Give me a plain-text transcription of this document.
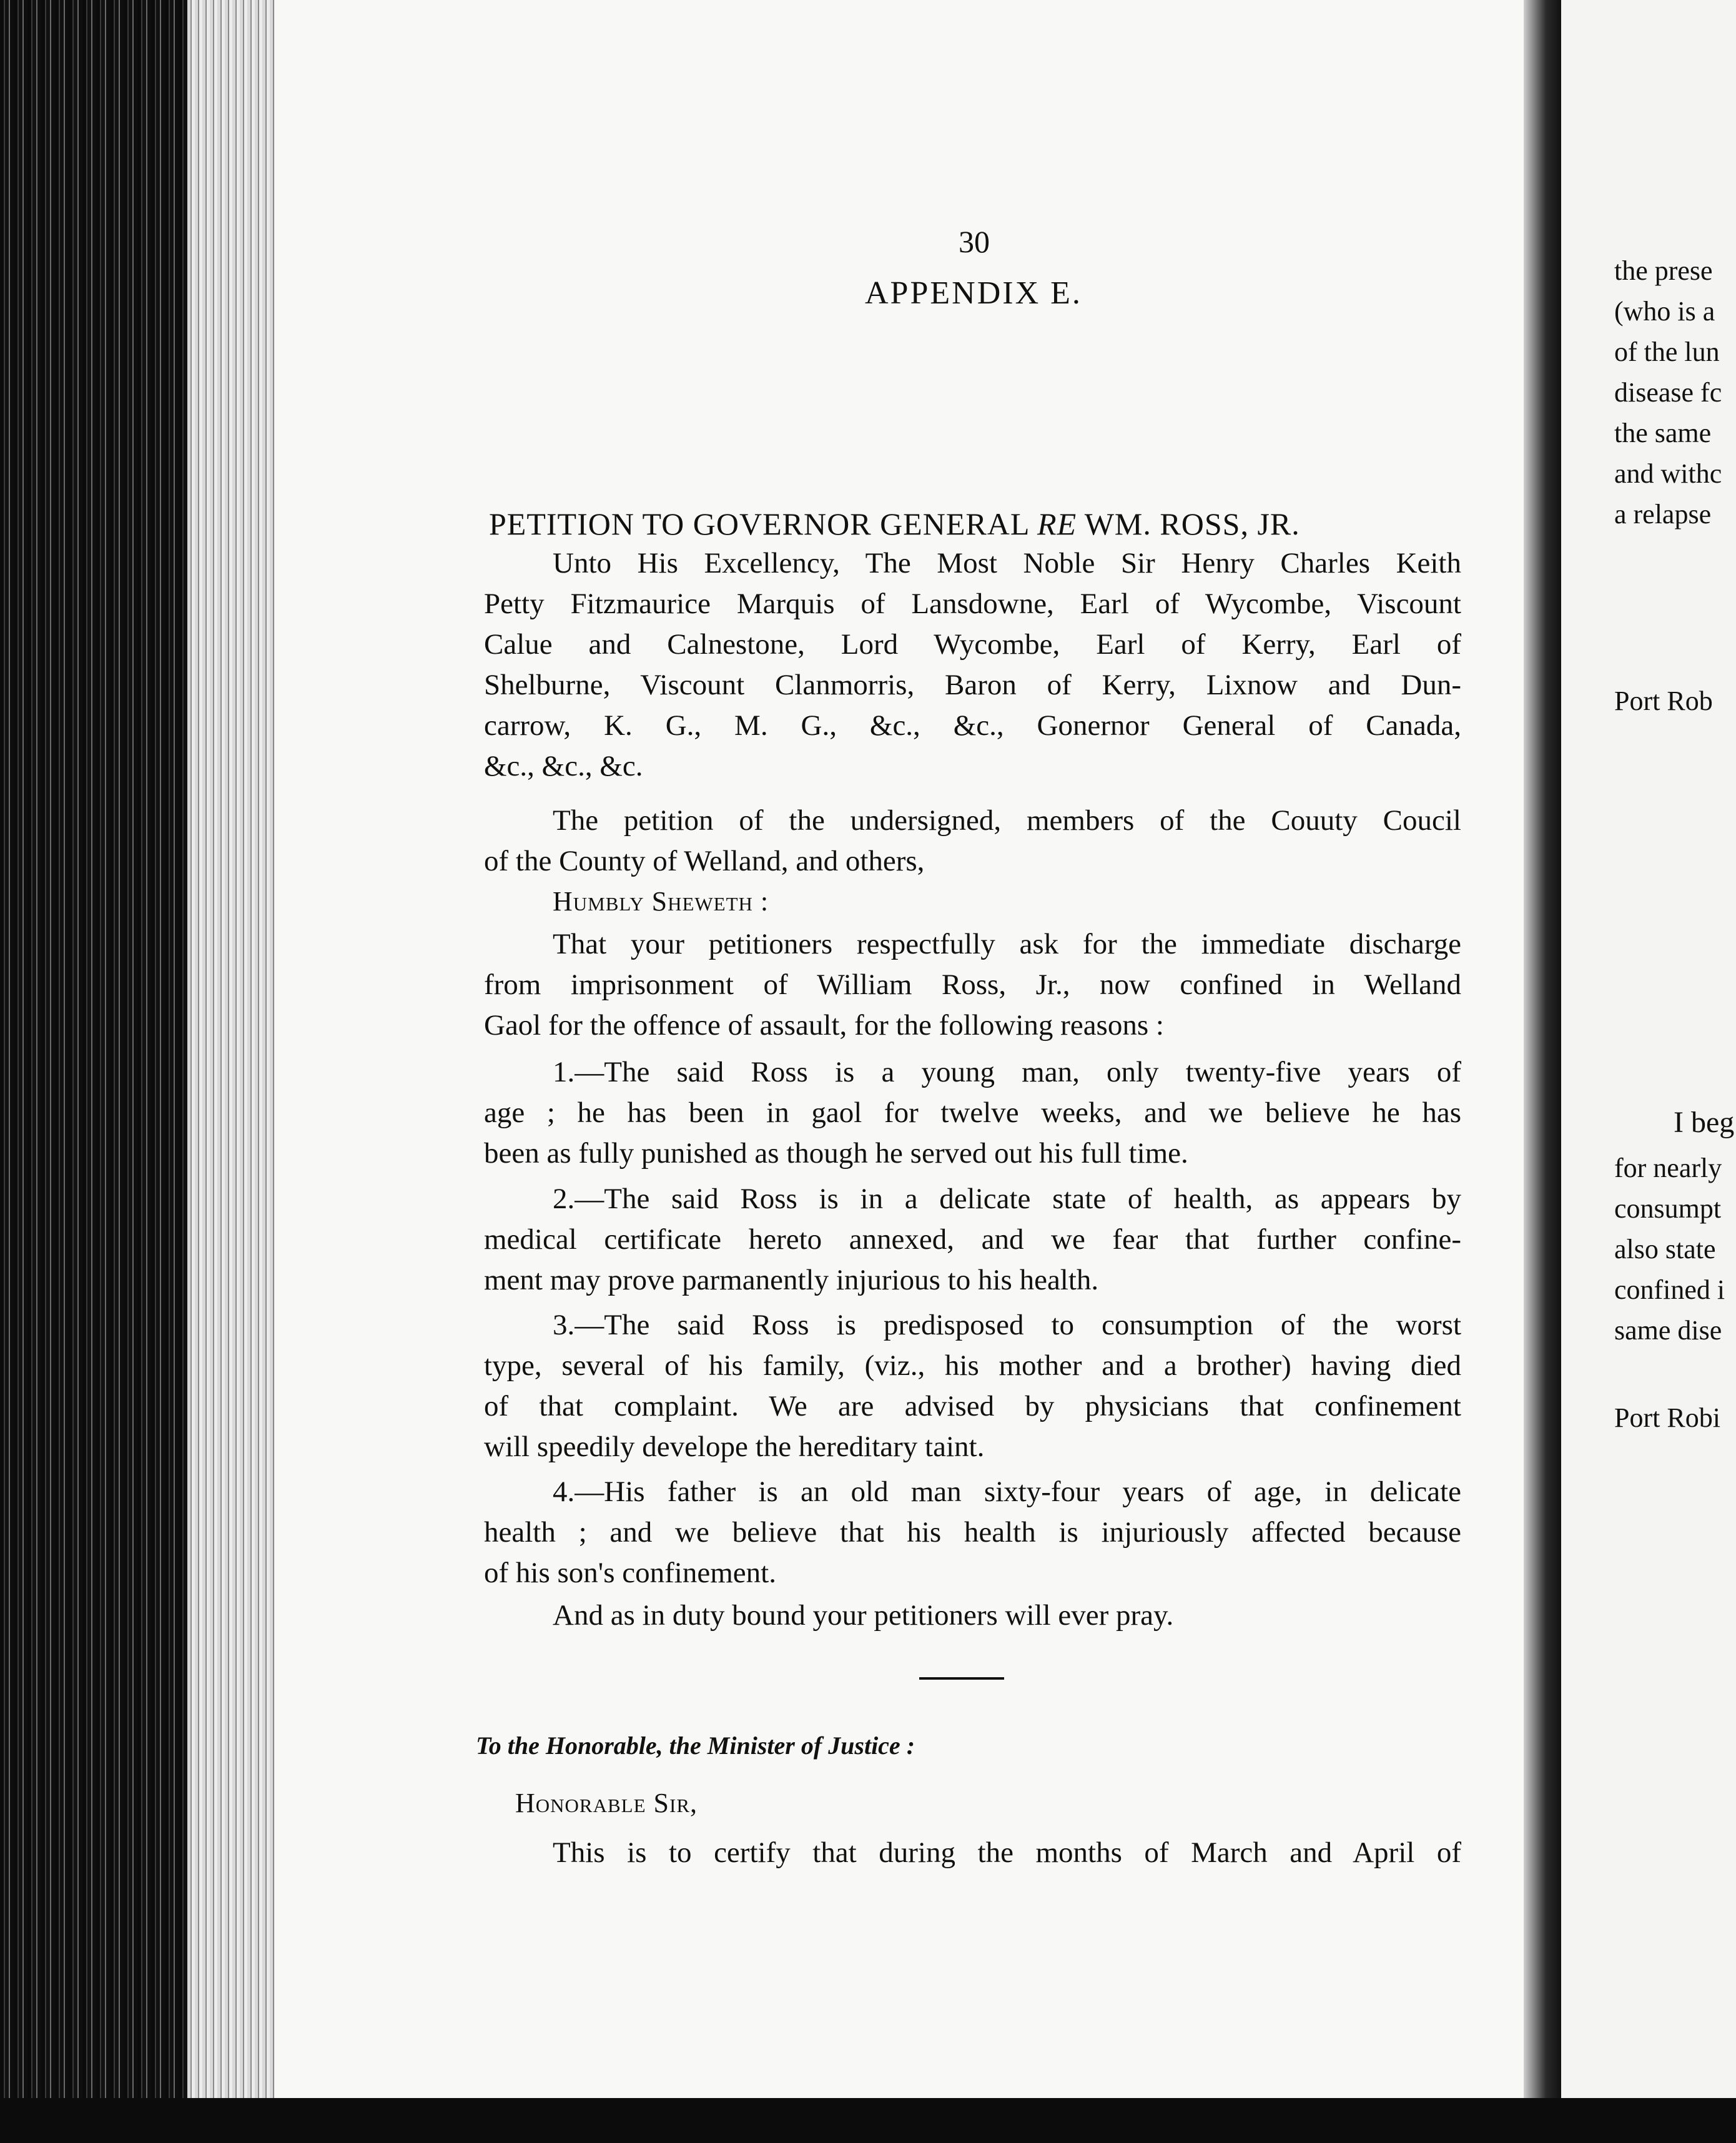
30
APPENDIX E.
PETITION TO GOVERNOR GENERAL RE WM. ROSS, JR.
Unto His Excellency, The Most Noble Sir Henry Charles Keith
Petty Fitzmaurice Marquis of Lansdowne, Earl of Wycombe, Viscount
Calue and Calnestone, Lord Wycombe, Earl of Kerry, Earl of
Shelburne, Viscount Clanmorris, Baron of Kerry, Lixnow and Dun-
carrow, K. G., M. G., &c., &c., Gonernor General of Canada,
&c., &c., &c.
The petition of the undersigned, members of the Couuty Coucil
of the County of Welland, and others,
Humbly Sheweth :
That your petitioners respectfully ask for the immediate discharge
from imprisonment of William Ross, Jr., now confined in Welland
Gaol for the offence of assault, for the following reasons :
1.—The said Ross is a young man, only twenty-five years of
age ; he has been in gaol for twelve weeks, and we believe he has
been as fully punished as though he served out his full time.
2.—The said Ross is in a delicate state of health, as appears by
medical certificate hereto annexed, and we fear that further confine-
ment may prove parmanently injurious to his health.
3.—The said Ross is predisposed to consumption of the worst
type, several of his family, (viz., his mother and a brother) having died
of that complaint. We are advised by physicians that confinement
will speedily develope the hereditary taint.
4.—His father is an old man sixty-four years of age, in delicate
health ; and we believe that his health is injuriously affected because
of his son's confinement.
And as in duty bound your petitioners will ever pray.
To the Honorable, the Minister of Justice :
Honorable Sir,
This is to certify that during the months of March and April of
the prese
(who is a
of the lun
disease fc
the same
and withc
a relapse
Port Rob
I beg
for nearly
consumpt
also state
confined i
same dise
Port Robi
